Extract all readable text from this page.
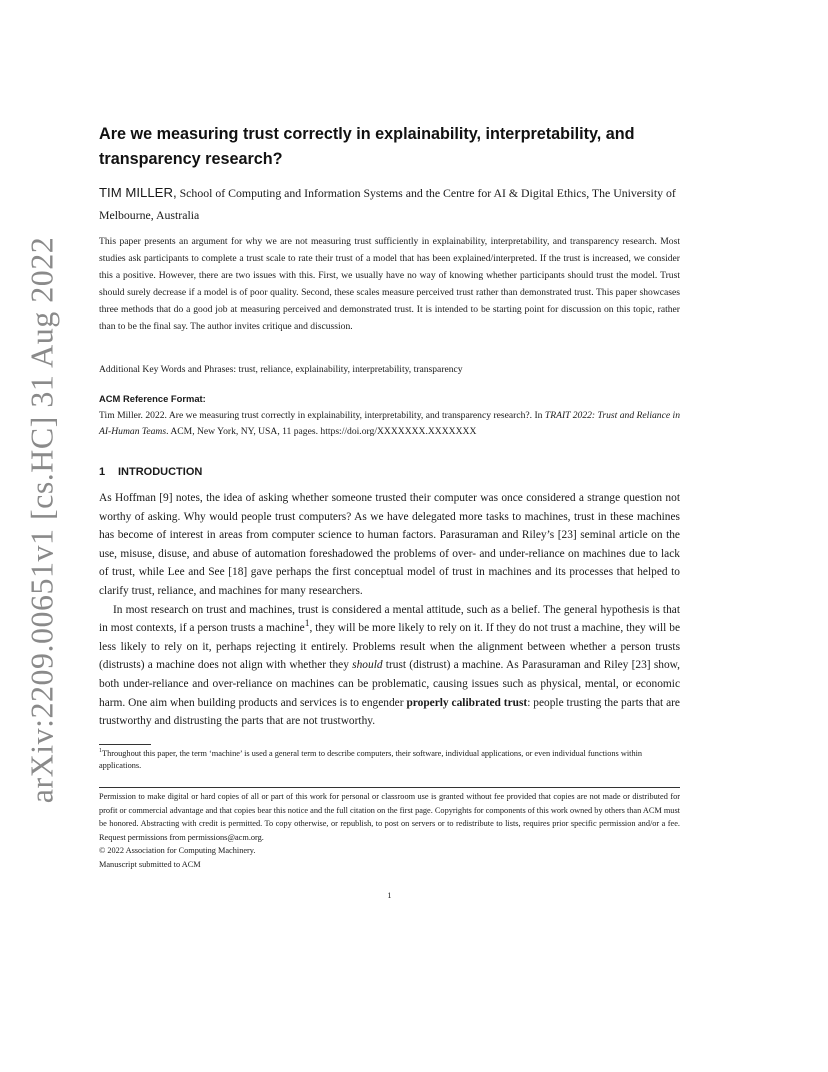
arXiv:2209.00651v1 [cs.HC] 31 Aug 2022
Are we measuring trust correctly in explainability, interpretability, and transparency research?
TIM MILLER, School of Computing and Information Systems and the Centre for AI & Digital Ethics, The University of Melbourne, Australia

This paper presents an argument for why we are not measuring trust sufficiently in explainability, interpretability, and transparency research. Most studies ask participants to complete a trust scale to rate their trust of a model that has been explained/interpreted. If the trust is increased, we consider this a positive. However, there are two issues with this. First, we usually have no way of knowing whether participants should trust the model. Trust should surely decrease if a model is of poor quality. Second, these scales measure perceived trust rather than demonstrated trust. This paper showcases three methods that do a good job at measuring perceived and demonstrated trust. It is intended to be starting point for discussion on this topic, rather than to be the final say. The author invites critique and discussion.

Additional Key Words and Phrases: trust, reliance, explainability, interpretability, transparency

ACM Reference Format:

Tim Miller. 2022. Are we measuring trust correctly in explainability, interpretability, and transparency research?. In TRAIT 2022: Trust and Reliance in AI-Human Teams. ACM, New York, NY, USA, 11 pages. https://doi.org/XXXXXXX.XXXXXXX

1 INTRODUCTION

As Hoffman [9] notes, the idea of asking whether someone trusted their computer was once considered a strange question not worthy of asking. Why would people trust computers? As we have delegated more tasks to machines, trust in these machines has become of interest in areas from computer science to human factors. Parasuraman and Riley’s [23] seminal article on the use, misuse, disuse, and abuse of automation foreshadowed the problems of over- and under-reliance on machines due to lack of trust, while Lee and See [18] gave perhaps the first conceptual model of trust in machines and its processes that helped to clarify trust, reliance, and machines for many researchers.

In most research on trust and machines, trust is considered a mental attitude, such as a belief. The general hypothesis is that in most contexts, if a person trusts a machine$^1$, they will be more likely to rely on it. If they do not trust a machine, they will be less likely to rely on it, perhaps rejecting it entirely. Problems result when the alignment between whether a person trusts (distrusts) a machine does not align with whether they should trust (distrust) a machine. As Parasuraman and Riley [23] show, both under-reliance and over-reliance on machines can be problematic, causing issues such as physical, mental, or economic harm. One aim when building products and services is to engender properly calibrated trust: people trusting the parts that are trustworthy and distrusting the parts that are not trustworthy.

$^1$Throughout this paper, the term ‘machine’ is used a general term to describe computers, their software, individual applications, or even individual functions within applications.

Permission to make digital or hard copies of all or part of this work for personal or classroom use is granted without fee provided that copies are not made or distributed for profit or commercial advantage and that copies bear this notice and the full citation on the first page. Copyrights for components of this work owned by others than ACM must be honored. Abstracting with credit is permitted. To copy otherwise, or republish, to post on servers or to redistribute to lists, requires prior specific permission and/or a fee. Request permissions from permissions@acm.org.

© 2022 Association for Computing Machinery.
Manuscript submitted to ACM
1
